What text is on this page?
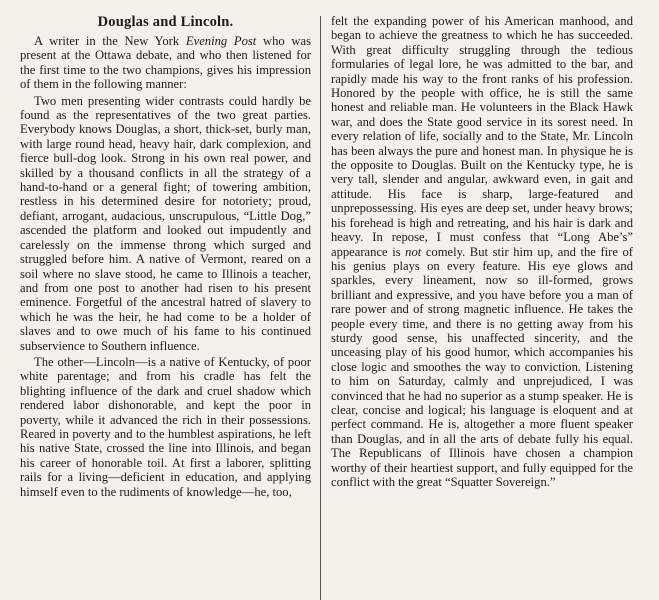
Douglas and Lincoln.

A writer in the New York Evening Post who was present at the Ottawa debate, and who then listened for the first time to the two champions, gives his impression of them in the following manner:

Two men presenting wider contrasts could hardly be found as the representatives of the two great parties. Everybody knows Douglas, a short, thick-set, burly man, with large round head, heavy hair, dark complexion, and fierce bull-dog look. Strong in his own real power, and skilled by a thousand conflicts in all the strategy of a hand-to-hand or a general fight; of towering ambition, restless in his determined desire for notoriety; proud, defiant, arrogant, audacious, unscrupulous, “Little Dog,” ascended the platform and looked out impudently and carelessly on the immense throng which surged and struggled before him. A native of Vermont, reared on a soil where no slave stood, he came to Illinois a teacher, and from one post to another had risen to his present eminence. Forgetful of the ancestral hatred of slavery to which he was the heir, he had come to be a holder of slaves and to owe much of his fame to his continued subservience to Southern influence.

The other—Lincoln—is a native of Kentucky, of poor white parentage; and from his cradle has felt the blighting influence of the dark and cruel shadow which rendered labor dishonorable, and kept the poor in poverty, while it advanced the rich in their possessions. Reared in poverty and to the humblest aspirations, he left his native State, crossed the line into Illinois, and began his career of honorable toil. At first a laborer, splitting rails for a living—deficient in education, and applying himself even to the rudiments of knowledge—he, too,

felt the expanding power of his American manhood, and began to achieve the greatness to which he has succeeded. With great difficulty struggling through the tedious formularies of legal lore, he was admitted to the bar, and rapidly made his way to the front ranks of his profession. Honored by the people with office, he is still the same honest and reliable man. He volunteers in the Black Hawk war, and does the State good service in its sorest need. In every relation of life, socially and to the State, Mr. Lincoln has been always the pure and honest man. In physique he is the opposite to Douglas. Built on the Kentucky type, he is very tall, slender and angular, awkward even, in gait and attitude. His face is sharp, large-featured and unprepossessing. His eyes are deep set, under heavy brows; his forehead is high and retreating, and his hair is dark and heavy. In repose, I must confess that “Long Abe’s” appearance is not comely. But stir him up, and the fire of his genius plays on every feature. His eye glows and sparkles, every lineament, now so ill-formed, grows brilliant and expressive, and you have before you a man of rare power and of strong magnetic influence. He takes the people every time, and there is no getting away from his sturdy good sense, his unaffected sincerity, and the unceasing play of his good humor, which accompanies his close logic and smoothes the way to conviction. Listening to him on Saturday, calmly and unprejudiced, I was convinced that he had no superior as a stump speaker. He is clear, concise and logical; his language is eloquent and at perfect command. He is, altogether a more fluent speaker than Douglas, and in all the arts of debate fully his equal. The Republicans of Illinois have chosen a champion worthy of their heartiest support, and fully equipped for the conflict with the great “Squatter Sovereign.”
